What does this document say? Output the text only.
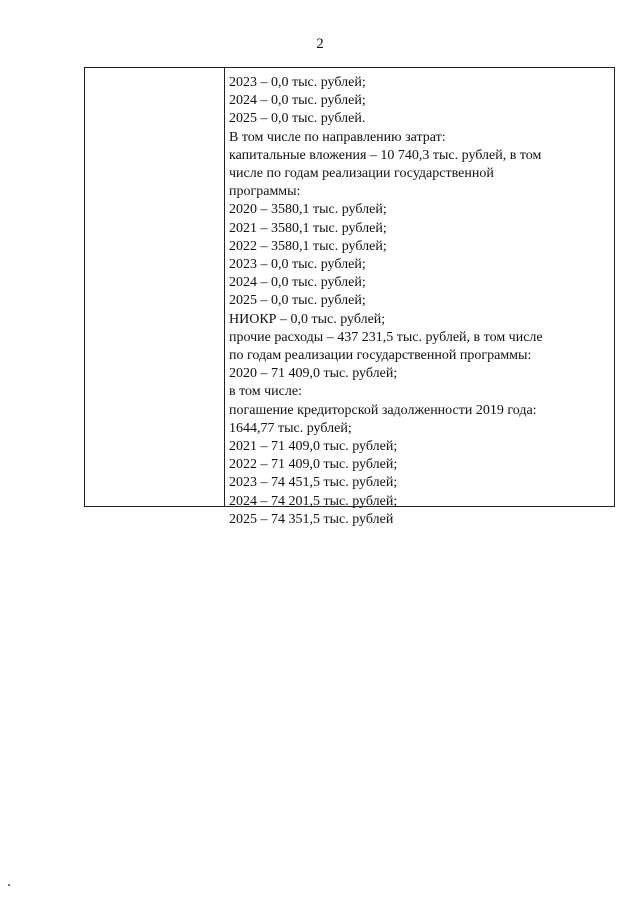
2
2023 – 0,0 тыс. рублей;
2024 – 0,0 тыс. рублей;
2025 – 0,0 тыс. рублей.
В том числе по направлению затрат:
капитальные вложения – 10 740,3 тыс. рублей, в том
числе по годам реализации государственной
программы:
2020 – 3580,1 тыс. рублей;
2021 – 3580,1 тыс. рублей;
2022 – 3580,1 тыс. рублей;
2023 – 0,0 тыс. рублей;
2024 – 0,0 тыс. рублей;
2025 – 0,0 тыс. рублей;
НИОКР – 0,0 тыс. рублей;
прочие расходы – 437 231,5 тыс. рублей, в том числе
по годам реализации государственной программы:
2020 – 71 409,0 тыс. рублей;
в том числе:
погашение кредиторской задолженности 2019 года:
1644,77 тыс. рублей;
2021 – 71 409,0 тыс. рублей;
2022 – 71 409,0 тыс. рублей;
2023 – 74 451,5 тыс. рублей;
2024 – 74 201,5 тыс. рублей;
2025 – 74 351,5 тыс. рублей
